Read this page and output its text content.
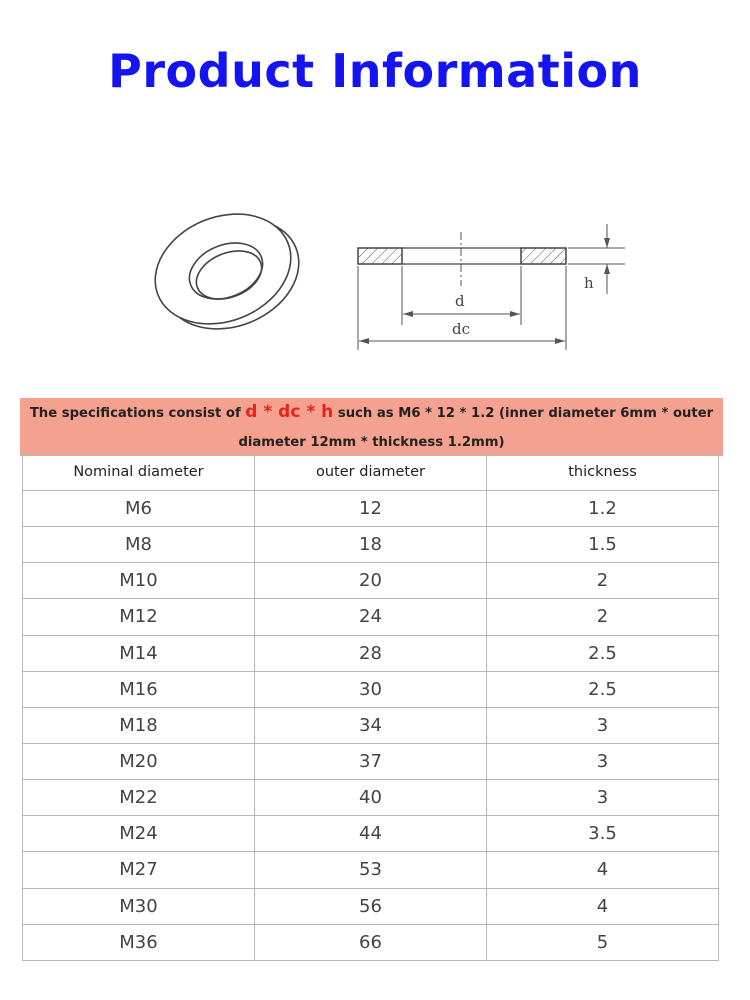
Product Information
d
dc
h
The specifications consist of d * dc * h such as M6 * 12 * 1.2 (inner diameter 6mm * outer
diameter 12mm * thickness 1.2mm)
Nominal diameter	outer diameter	thickness
M6	12	1.2
M8	18	1.5
M10	20	2
M12	24	2
M14	28	2.5
M16	30	2.5
M18	34	3
M20	37	3
M22	40	3
M24	44	3.5
M27	53	4
M30	56	4
M36	66	5
